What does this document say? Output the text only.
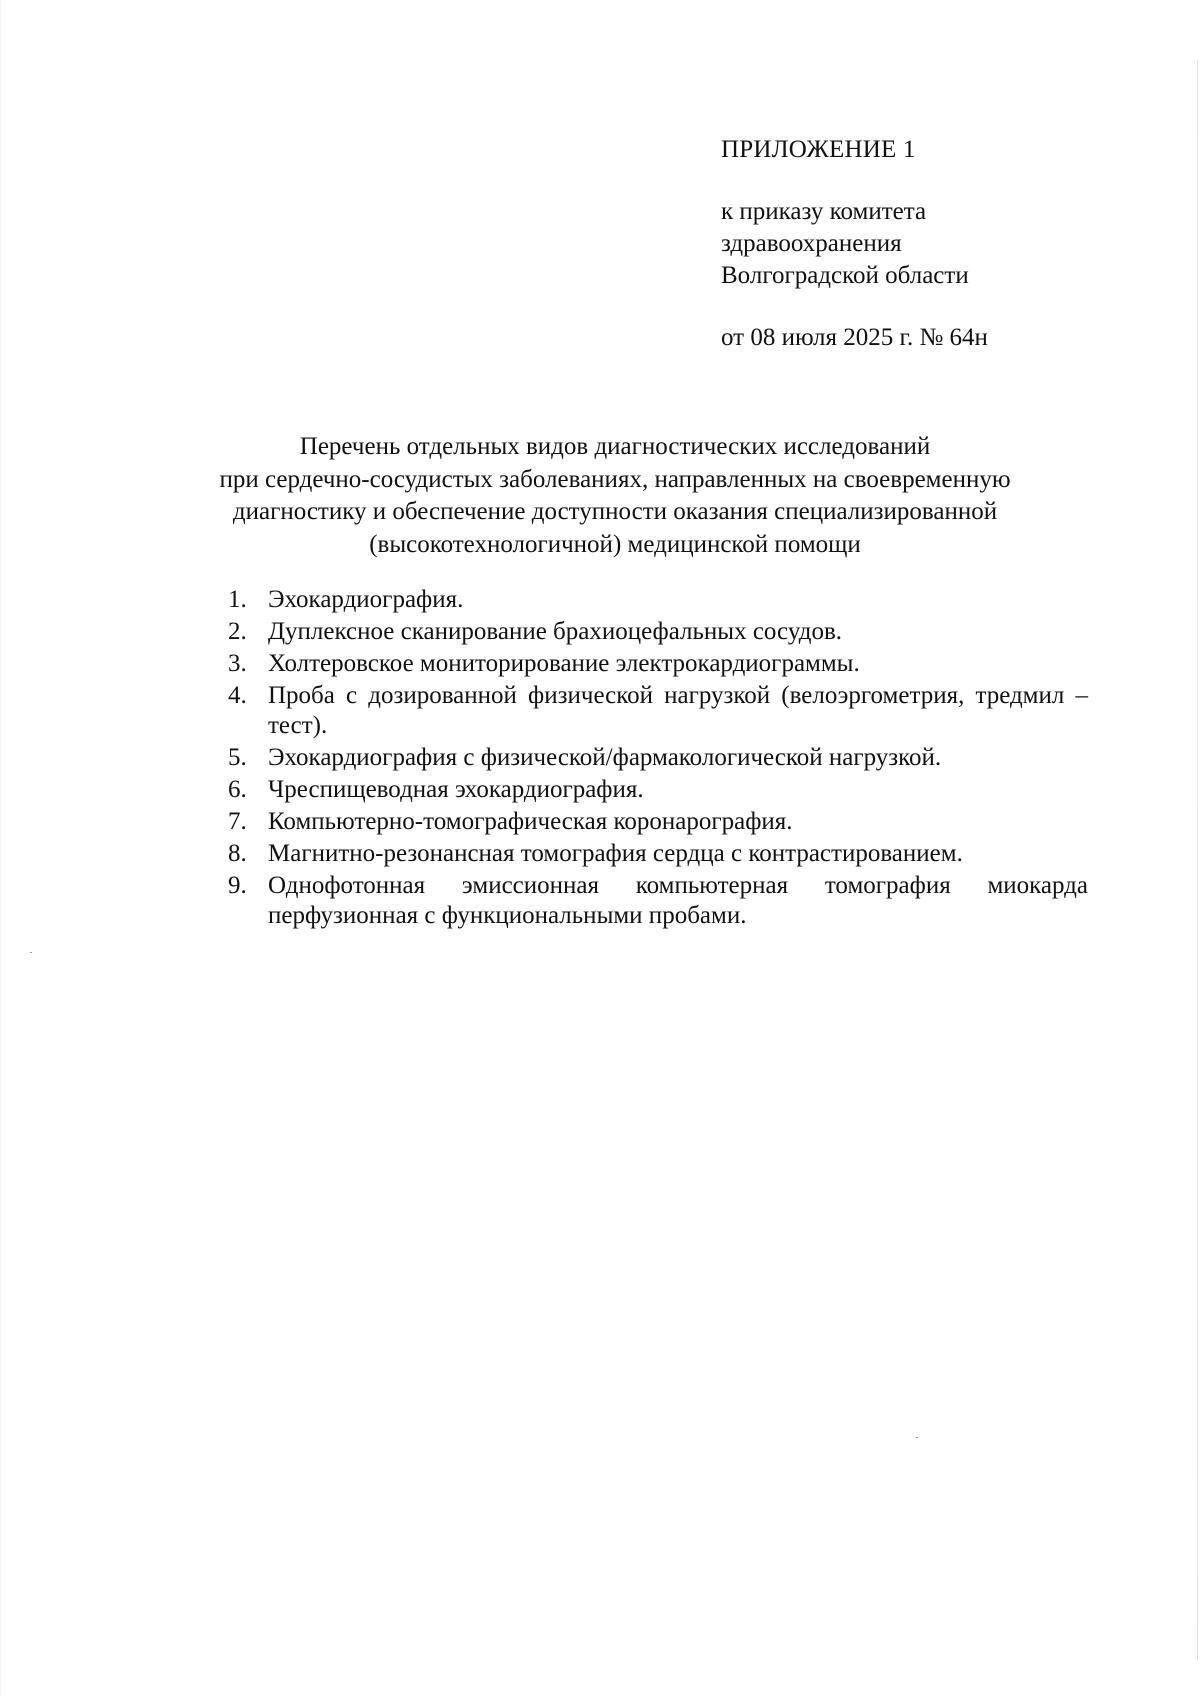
ПРИЛОЖЕНИЕ 1
к приказу комитета
здравоохранения
Волгоградской области
от 08 июля 2025 г. № 64н
Перечень отдельных видов диагностических исследований
при сердечно-сосудистых заболеваниях, направленных на своевременную
диагностику и обеспечение доступности оказания специализированной
(высокотехнологичной) медицинской помощи
1. Эхокардиография.
2. Дуплексное сканирование брахиоцефальных сосудов.
3. Холтеровское мониторирование электрокардиограммы.
4. Проба с дозированной физической нагрузкой (велоэргометрия, тредмил – тест).
5. Эхокардиография с физической/фармакологической нагрузкой.
6. Чреспищеводная эхокардиография.
7. Компьютерно-томографическая коронарография.
8. Магнитно-резонансная томография сердца с контрастированием.
9. Однофотонная эмиссионная компьютерная томография миокарда перфузионная с функциональными пробами.
